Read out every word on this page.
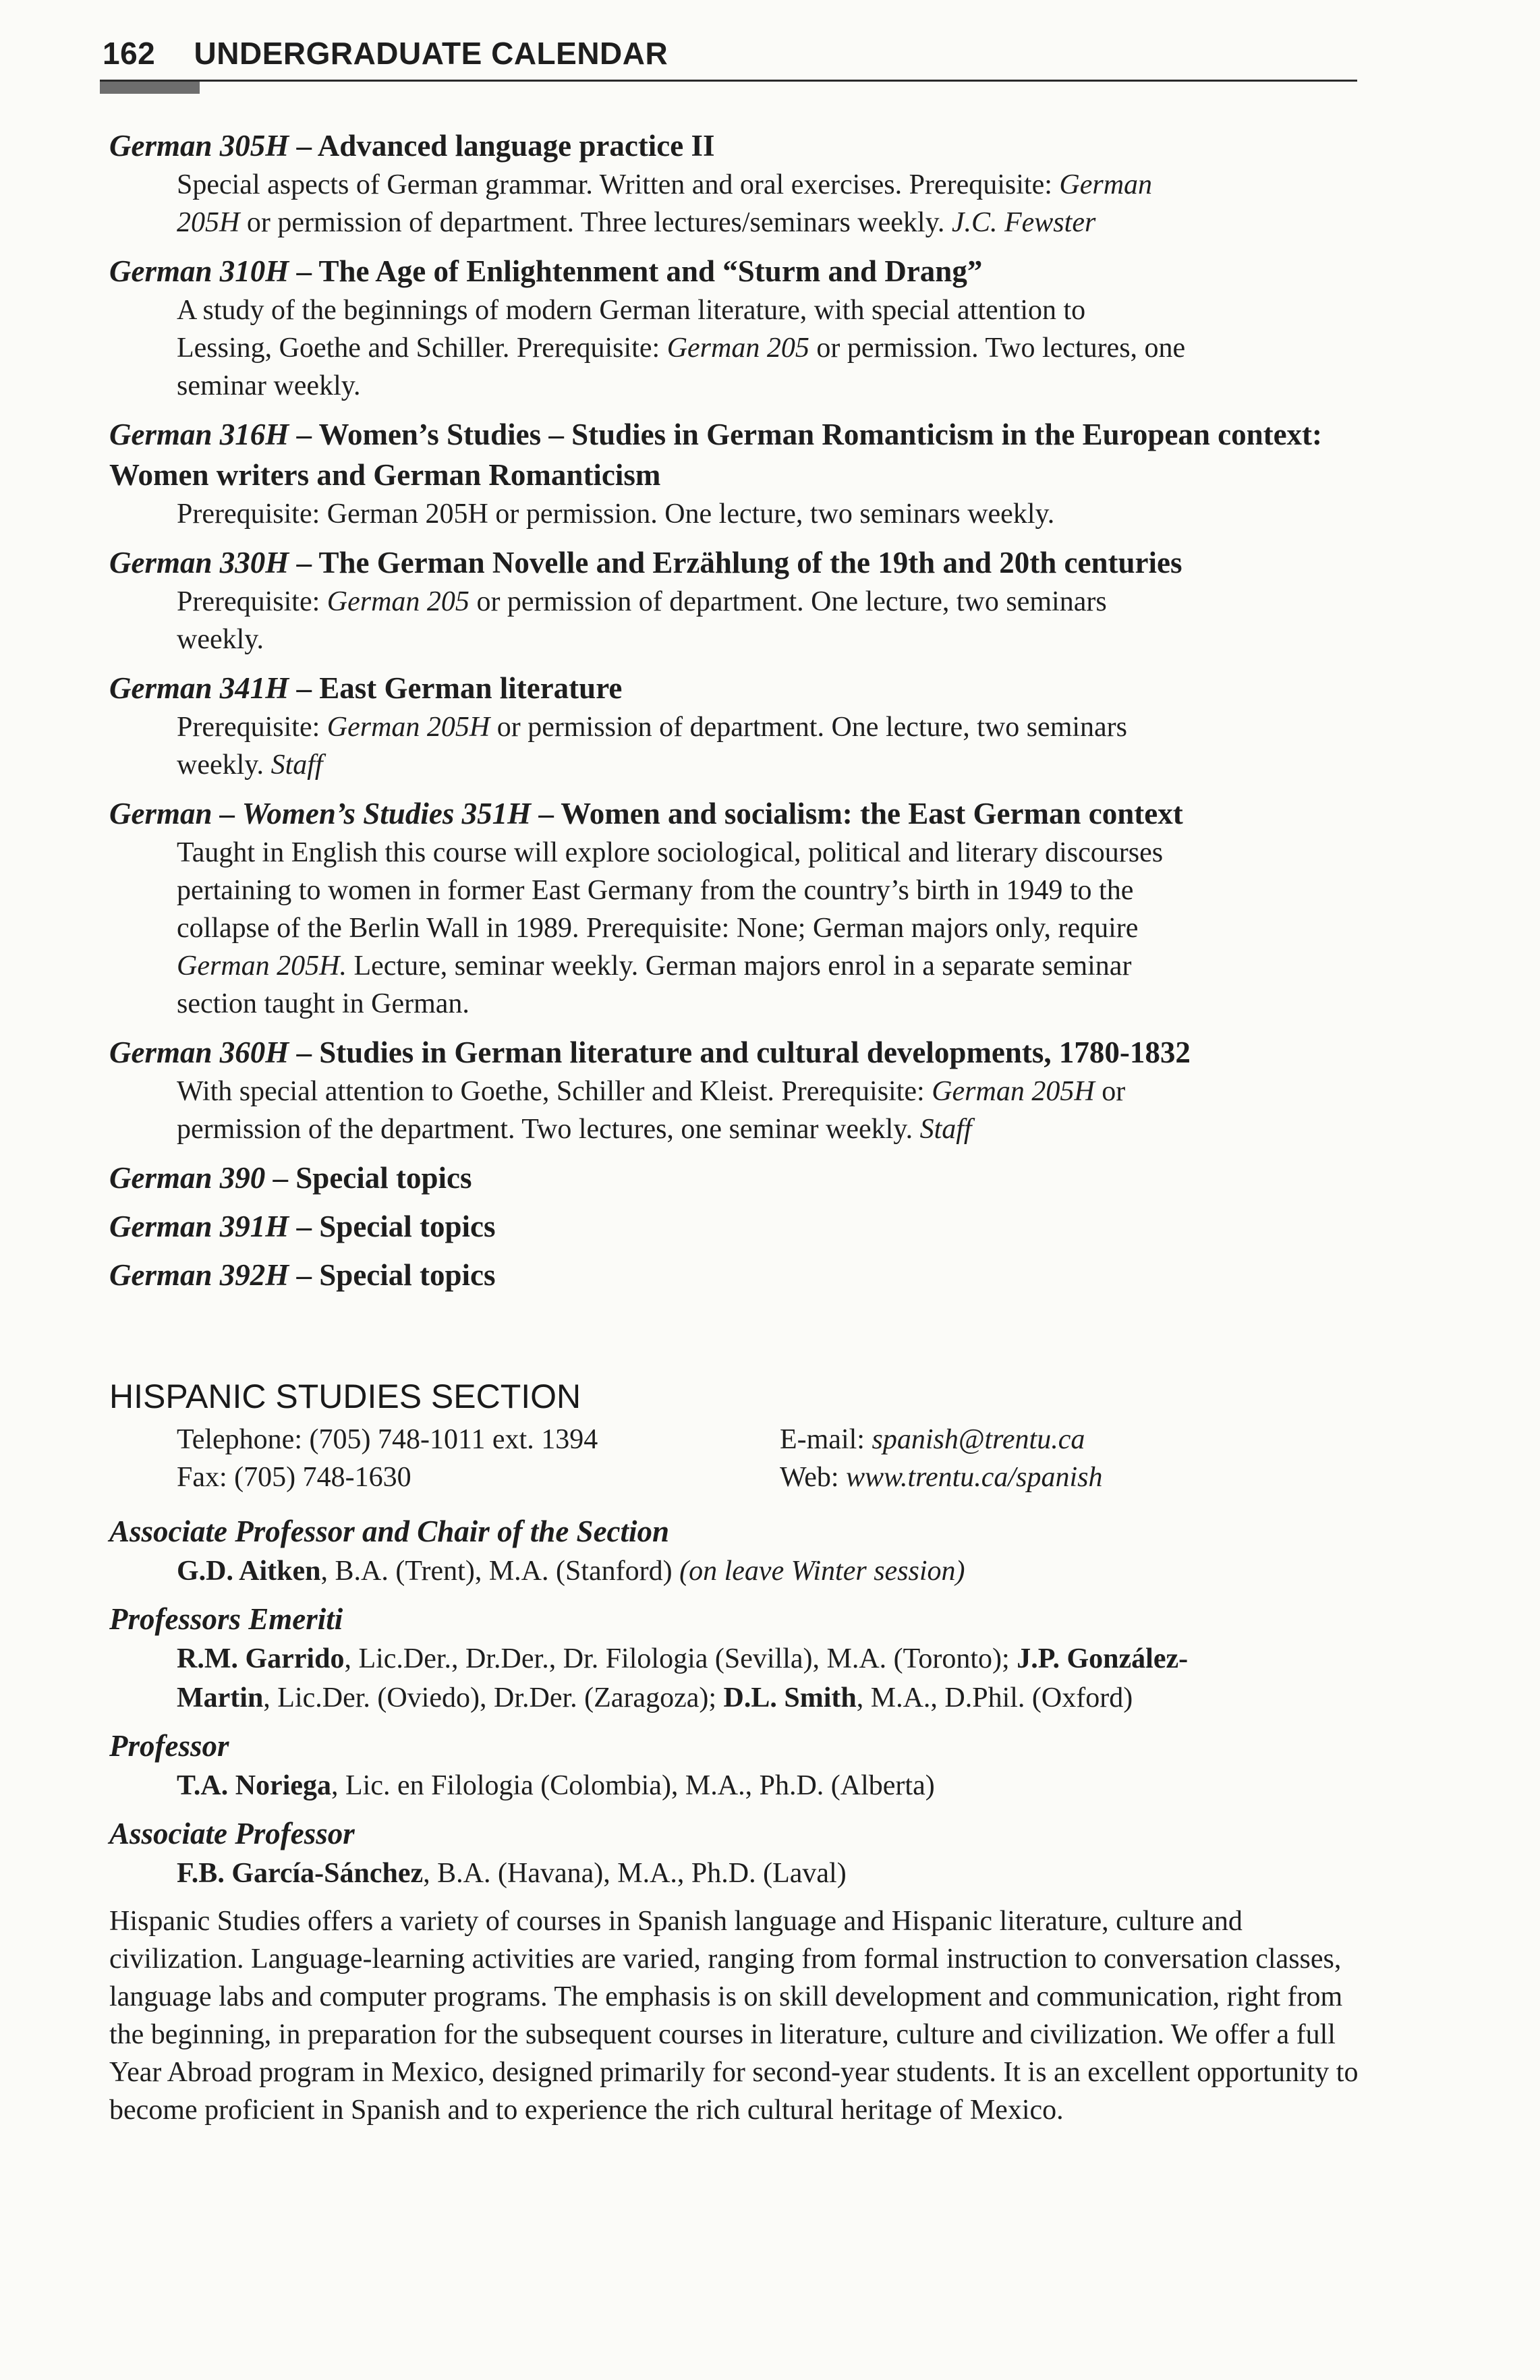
162 UNDERGRADUATE CALENDAR
German 305H – Advanced language practice II
Special aspects of German grammar. Written and oral exercises. Prerequisite: German
205H or permission of department. Three lectures/seminars weekly. J.C. Fewster
German 310H – The Age of Enlightenment and “Sturm and Drang”
A study of the beginnings of modern German literature, with special attention to
Lessing, Goethe and Schiller. Prerequisite: German 205 or permission. Two lectures, one
seminar weekly.
German 316H – Women’s Studies – Studies in German Romanticism in the European context: Women writers and German Romanticism
Prerequisite: German 205H or permission. One lecture, two seminars weekly.
German 330H – The German Novelle and Erzählung of the 19th and 20th centuries
Prerequisite: German 205 or permission of department. One lecture, two seminars
weekly.
German 341H – East German literature
Prerequisite: German 205H or permission of department. One lecture, two seminars
weekly. Staff
German – Women’s Studies 351H – Women and socialism: the East German context
Taught in English this course will explore sociological, political and literary discourses
pertaining to women in former East Germany from the country’s birth in 1949 to the
collapse of the Berlin Wall in 1989. Prerequisite: None; German majors only, require
German 205H. Lecture, seminar weekly. German majors enrol in a separate seminar
section taught in German.
German 360H – Studies in German literature and cultural developments, 1780-1832
With special attention to Goethe, Schiller and Kleist. Prerequisite: German 205H or
permission of the department. Two lectures, one seminar weekly. Staff
German 390 – Special topics
German 391H – Special topics
German 392H – Special topics
HISPANIC STUDIES SECTION
Telephone: (705) 748-1011 ext. 1394
Fax: (705) 748-1630
E-mail: spanish@trentu.ca
Web: www.trentu.ca/spanish
Associate Professor and Chair of the Section
G.D. Aitken, B.A. (Trent), M.A. (Stanford) (on leave Winter session)
Professors Emeriti
R.M. Garrido, Lic.Der., Dr.Der., Dr. Filologia (Sevilla), M.A. (Toronto); J.P. González-
Martin, Lic.Der. (Oviedo), Dr.Der. (Zaragoza); D.L. Smith, M.A., D.Phil. (Oxford)
Professor
T.A. Noriega, Lic. en Filologia (Colombia), M.A., Ph.D. (Alberta)
Associate Professor
F.B. García-Sánchez, B.A. (Havana), M.A., Ph.D. (Laval)

Hispanic Studies offers a variety of courses in Spanish language and Hispanic literature, culture and civilization. Language-learning activities are varied, ranging from formal instruction to conversation classes, language labs and computer programs. The emphasis is on skill development and communication, right from the beginning, in preparation for the subsequent courses in literature, culture and civilization. We offer a full Year Abroad program in Mexico, designed primarily for second-year students. It is an excellent opportunity to become proficient in Spanish and to experience the rich cultural heritage of Mexico.
